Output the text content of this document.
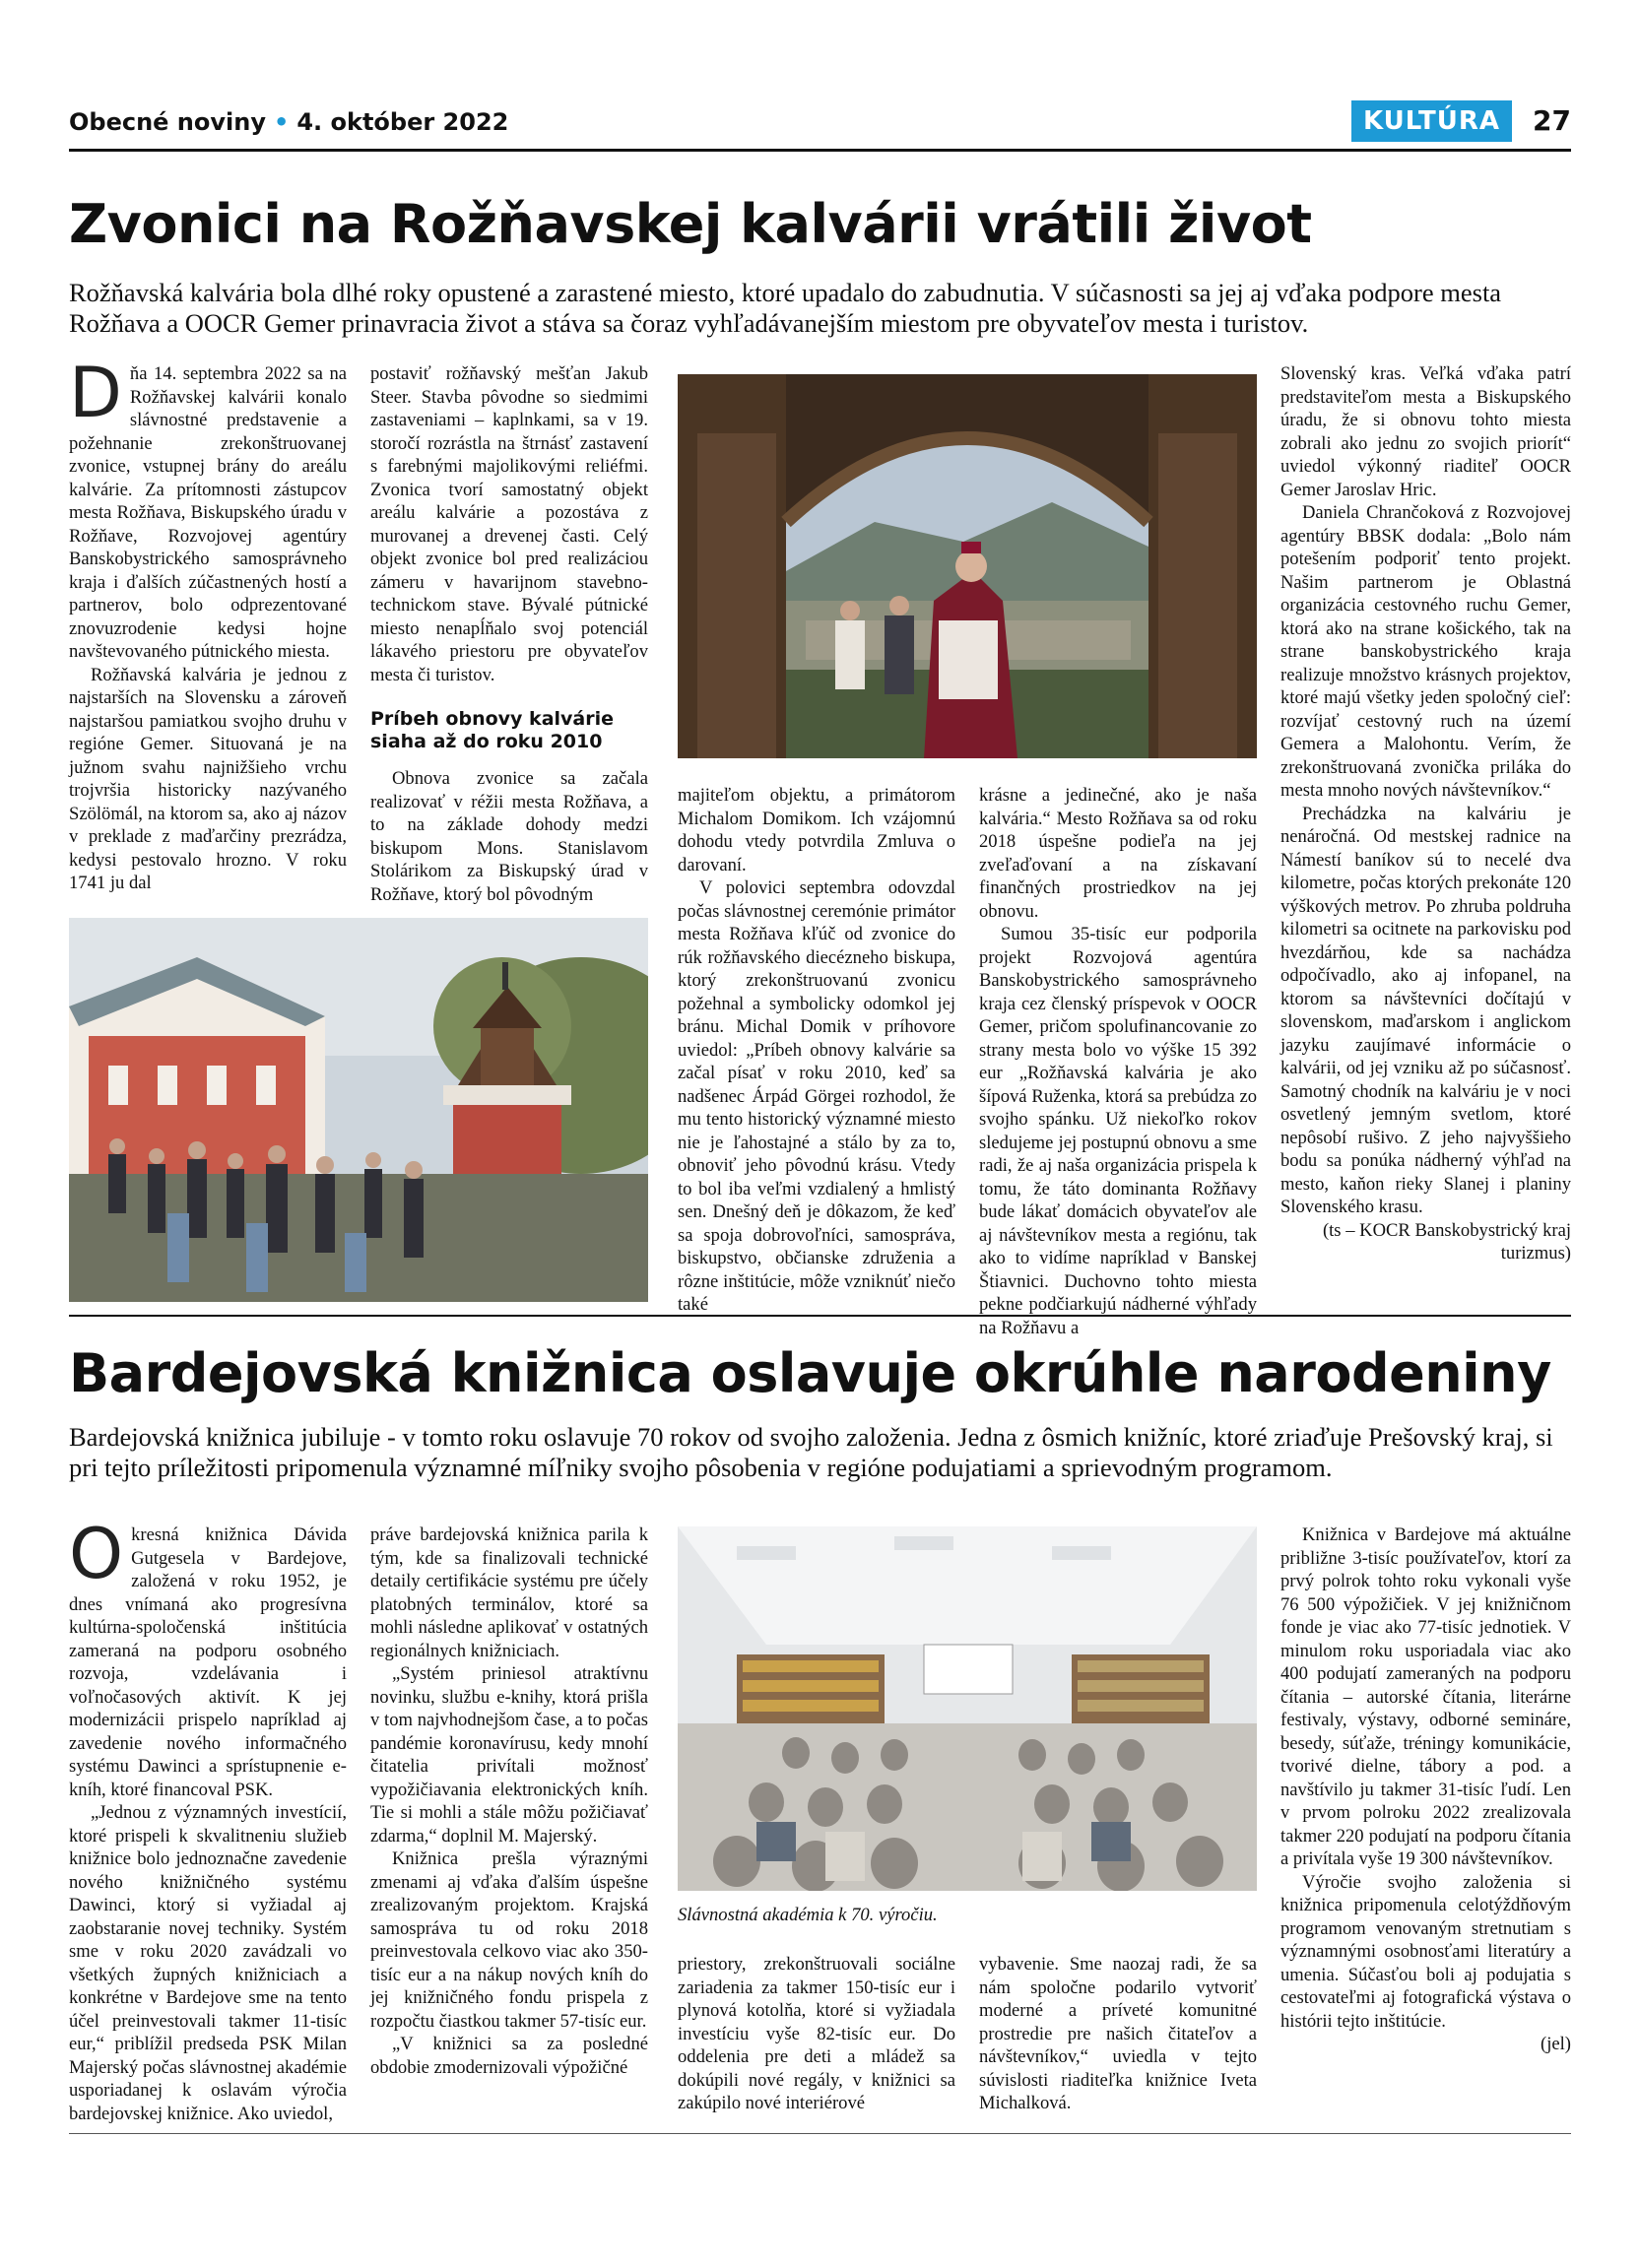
Obecné noviny • 4. október 2022	KULTÚRA	27
Zvonici na Rožňavskej kalvárii vrátili život
Rožňavská kalvária bola dlhé roky opustené a zarastené miesto, ktoré upadalo do zabudnutia. V súčasnosti sa jej aj vďaka podpore mesta Rožňava a OOCR Gemer prinavracia život a stáva sa čoraz vyhľadávanejším miestom pre obyvateľov mesta i turistov.

Dňa 14. septembra 2022 sa na Rožňavskej kalvárii konalo slávnostné predstavenie a požehnanie zrekonštruovanej zvonice, vstupnej brány do areálu kalvárie. Za prítomnosti zástupcov mesta Rožňava, Biskupského úradu v Rožňave, Rozvojovej agentúry Banskobystrického samosprávneho kraja i ďalších zúčastnených hostí a partnerov, bolo odprezentované znovuzrodenie kedysi hojne navštevovaného pútnického miesta.

Rožňavská kalvária je jednou z najstarších na Slovensku a zároveň najstaršou pamiatkou svojho druhu v regióne Gemer. Situovaná je na južnom svahu najnižšieho vrchu trojvršia historicky nazývaného Szölömál, na ktorom sa, ako aj názov v preklade z maďarčiny prezrádza, kedysi pestovalo hrozno. V roku 1741 ju dal

postaviť rožňavský mešťan Jakub Steer. Stavba pôvodne so siedmimi zastaveniami – kaplnkami, sa v 19. storočí rozrástla na štrnásť zastavení s farebnými majolikovými reliéfmi. Zvonica tvorí samostatný objekt areálu kalvárie a pozostáva z murovanej a drevenej časti. Celý objekt zvonice bol pred realizáciou zámeru v havarijnom stavebno-technickom stave. Bývalé pútnické miesto nenapĺňalo svoj potenciál lákavého priestoru pre obyvateľov mesta či turistov.

Príbeh obnovy kalvárie siaha až do roku 2010

Obnova zvonice sa začala realizovať v réžii mesta Rožňava, a to na základe dohody medzi biskupom Mons. Stanislavom Stolárikom za Biskupský úrad v Rožňave, ktorý bol pôvodným

majiteľom objektu, a primátorom Michalom Domikom. Ich vzájomnú dohodu vtedy potvrdila Zmluva o darovaní.

V polovici septembra odovzdal počas slávnostnej ceremónie primátor mesta Rožňava kľúč od zvonice do rúk rožňavského diecézneho biskupa, ktorý zrekonštruovanú zvonicu požehnal a symbolicky odomkol jej bránu. Michal Domik v príhovore uviedol: „Príbeh obnovy kalvárie sa začal písať v roku 2010, keď sa nadšenec Árpád Görgei rozhodol, že mu tento historický významné miesto nie je ľahostajné a stálo by za to, obnoviť jeho pôvodnú krásu. Vtedy to bol iba veľmi vzdialený a hmlistý sen. Dnešný deň je dôkazom, že keď sa spoja dobrovoľníci, samospráva, biskupstvo, občianske združenia a rôzne inštitúcie, môže vzniknúť niečo také

krásne a jedinečné, ako je naša kalvária.“ Mesto Rožňava sa od roku 2018 úspešne podieľa na jej zveľaďovaní a na získavaní finančných prostriedkov na jej obnovu.

Sumou 35-tisíc eur podporila projekt Rozvojová agentúra Banskobystrického samosprávneho kraja cez členský príspevok v OOCR Gemer, pričom spolufinancovanie zo strany mesta bolo vo výške 15 392 eur „Rožňavská kalvária je ako šípová Ruženka, ktorá sa prebúdza zo svojho spánku. Už niekoľko rokov sledujeme jej postupnú obnovu a sme radi, že aj naša organizácia prispela k tomu, že táto dominanta Rožňavy bude lákať domácich obyvateľov ale aj návštevníkov mesta a regiónu, tak ako to vidíme napríklad v Banskej Štiavnici. Duchovno tohto miesta pekne podčiarkujú nádherné výhľady na Rožňavu a

Slovenský kras. Veľká vďaka patrí predstaviteľom mesta a Biskupského úradu, že si obnovu tohto miesta zobrali ako jednu zo svojich priorít“ uviedol výkonný riaditeľ OOCR Gemer Jaroslav Hric.

Daniela Chrančoková z Rozvojovej agentúry BBSK dodala: „Bolo nám potešením podporiť tento projekt. Našim partnerom je Oblastná organizácia cestovného ruchu Gemer, ktorá ako na strane košického, tak na strane banskobystrického kraja realizuje množstvo krásnych projektov, ktoré majú všetky jeden spoločný cieľ: rozvíjať cestovný ruch na území Gemera a Malohontu. Verím, že zrekonštruovaná zvonička priláka do mesta mnoho nových návštevníkov.“

Prechádzka na kalváriu je nenáročná. Od mestskej radnice na Námestí baníkov sú to necelé dva kilometre, počas ktorých prekonáte 120 výškových metrov. Po zhruba poldruha kilometri sa ocitnete na parkovisku pod hvezdárňou, kde sa nachádza odpočívadlo, ako aj infopanel, na ktorom sa návštevníci dočítajú v slovenskom, maďarskom i anglickom jazyku zaujímavé informácie o kalvárii, od jej vzniku až po súčasnosť. Samotný chodník na kalváriu je v noci osvetlený jemným svetlom, ktoré nepôsobí rušivo. Z jeho najvyššieho bodu sa ponúka nádherný výhľad na mesto, kaňon rieky Slanej i planiny Slovenského krasu.

(ts – KOCR Banskobystrický kraj turizmus)

Bardejovská knižnica oslavuje okrúhle narodeniny
Bardejovská knižnica jubiluje - v tomto roku oslavuje 70 rokov od svojho založenia. Jedna z ôsmich knižníc, ktoré zriaďuje Prešovský kraj, si pri tejto príležitosti pripomenula významné míľniky svojho pôsobenia v regióne podujatiami a sprievodným programom.

Okresná knižnica Dávida Gutgesela v Bardejove, založená v roku 1952, je dnes vnímaná ako progresívna kultúrna-spoločenská inštitúcia zameraná na podporu osobného rozvoja, vzdelávania i voľnočasových aktivít. K jej modernizácii prispelo napríklad aj zavedenie nového informačného systému Dawinci a sprístupnenie e-kníh, ktoré financoval PSK.

„Jednou z významných investícií, ktoré prispeli k skvalitneniu služieb knižnice bolo jednoznačne zavedenie nového knižničného systému Dawinci, ktorý si vyžiadal aj zaobstaranie novej techniky. Systém sme v roku 2020 zavádzali vo všetkých župných knižniciach a konkrétne v Bardejove sme na tento účel preinvestovali takmer 11-tisíc eur,“ priblížil predseda PSK Milan Majerský počas slávnostnej akadémie usporiadanej k oslavám výročia bardejovskej knižnice. Ako uviedol,

práve bardejovská knižnica parila k tým, kde sa finalizovali technické detaily certifikácie systému pre účely platobných terminálov, ktoré sa mohli následne aplikovať v ostatných regionálnych knižniciach.

„Systém priniesol atraktívnu novinku, službu e-knihy, ktorá prišla v tom najvhodnejšom čase, a to počas pandémie koronavírusu, kedy mnohí čitatelia privítali možnosť vypožičiavania elektronických kníh. Tie si mohli a stále môžu požičiavať zdarma,“ doplnil M. Majerský.

Knižnica prešla výraznými zmenami aj vďaka ďalším úspešne zrealizovaným projektom. Krajská samospráva tu od roku 2018 preinvestovala celkovo viac ako 350-tisíc eur a na nákup nových kníh do jej knižničného fondu prispela z rozpočtu čiastkou takmer 57-tisíc eur.

„V knižnici sa za posledné obdobie zmodernizovali výpožičné

Slávnostná akadémia k 70. výročiu.

priestory, zrekonštruovali sociálne zariadenia za takmer 150-tisíc eur i plynová kotolňa, ktoré si vyžiadala investíciu vyše 82-tisíc eur. Do oddelenia pre deti a mládež sa dokúpili nové regály, v knižnici sa zakúpilo nové interiérové

vybavenie. Sme naozaj radi, že sa nám spoločne podarilo vytvoriť moderné a príveté komunitné prostredie pre našich čitateľov a návštevníkov,“ uviedla v tejto súvislosti riaditeľka knižnice Iveta Michalková.

Knižnica v Bardejove má aktuálne približne 3-tisíc používateľov, ktorí za prvý polrok tohto roku vykonali vyše 76 500 výpožičiek. V jej knižničnom fonde je viac ako 77-tisíc jednotiek. V minulom roku usporiadala viac ako 400 podujatí zameraných na podporu čítania – autorské čítania, literárne festivaly, výstavy, odborné semináre, besedy, súťaže, tréningy komunikácie, tvorivé dielne, tábory a pod. a navštívilo ju takmer 31-tisíc ľudí. Len v prvom polroku 2022 zrealizovala takmer 220 podujatí na podporu čítania a privítala vyše 19 300 návštevníkov.

Výročie svojho založenia si knižnica pripomenula celotýždňovým programom venovaným stretnutiam s významnými osobnosťami literatúry a umenia. Súčasťou boli aj podujatia s cestovateľmi aj fotografická výstava o histórii tejto inštitúcie.

(jel)
